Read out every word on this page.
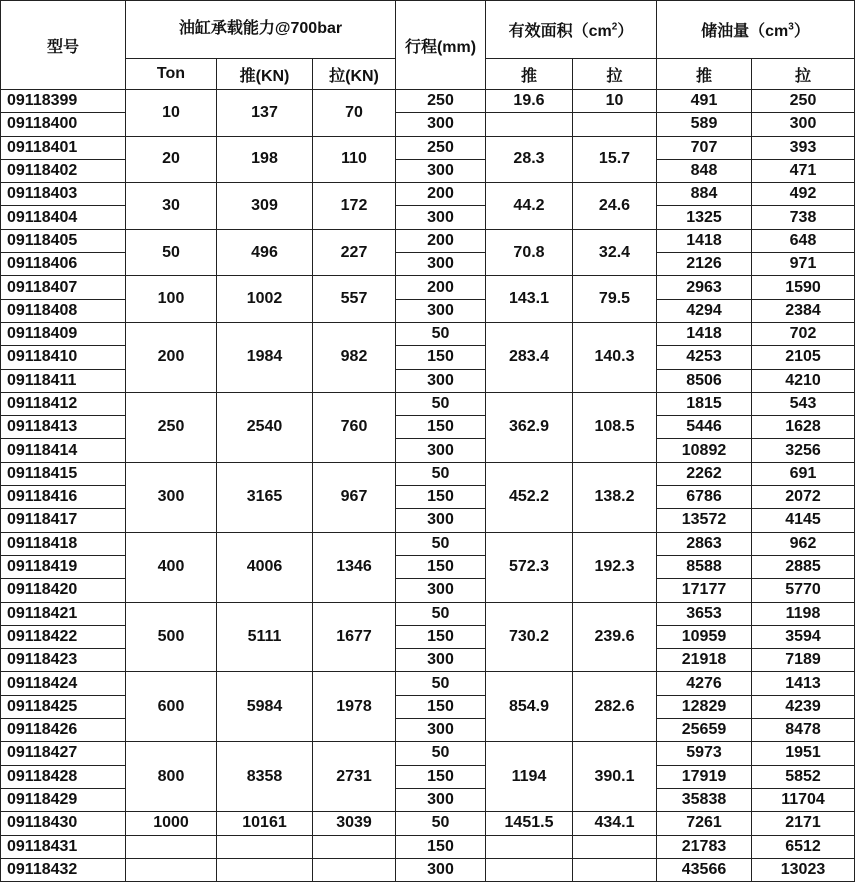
型号	油缸承载能力@700bar			行程(mm)	有效面积$(cm^2)$		储油量$(cm^3)$	
	Ton	推(KN)	拉(KN)		推	拉	推	拉
09118399	10	137	70	250	19.6	10	491	250
09118400				300			589	300
09118401	20	198	110	250	28.3	15.7	707	393
09118402				300			848	471
09118403	30	309	172	200	44.2	24.6	884	492
09118404				300			1325	738
09118405	50	496	227	200	70.8	32.4	1418	648
09118406				300			2126	971
09118407	100	1002	557	200	143.1	79.5	2963	1590
09118408				300			4294	2384
09118409	200	1984	982	50	283.4	140.3	1418	702
09118410				150			4253	2105
09118411				300			8506	4210
09118412	250	2540	760	50	362.9	108.5	1815	543
09118413				150			5446	1628
09118414				300			10892	3256
09118415	300	3165	967	50	452.2	138.2	2262	691
09118416				150			6786	2072
09118417				300			13572	4145
09118418	400	4006	1346	50	572.3	192.3	2863	962
09118419				150			8588	2885
09118420				300			17177	5770
09118421	500	5111	1677	50	730.2	239.6	3653	1198
09118422				150			10959	3594
09118423				300			21918	7189
09118424	600	5984	1978	50	854.9	282.6	4276	1413
09118425				150			12829	4239
09118426				300			25659	8478
09118427	800	8358	2731	50	1194	390.1	5973	1951
09118428				150			17919	5852
09118429				300			35838	11704
09118430	1000	10161	3039	50	1451.5	434.1	7261	2171
09118431				150			21783	6512
09118432				300			43566	13023
